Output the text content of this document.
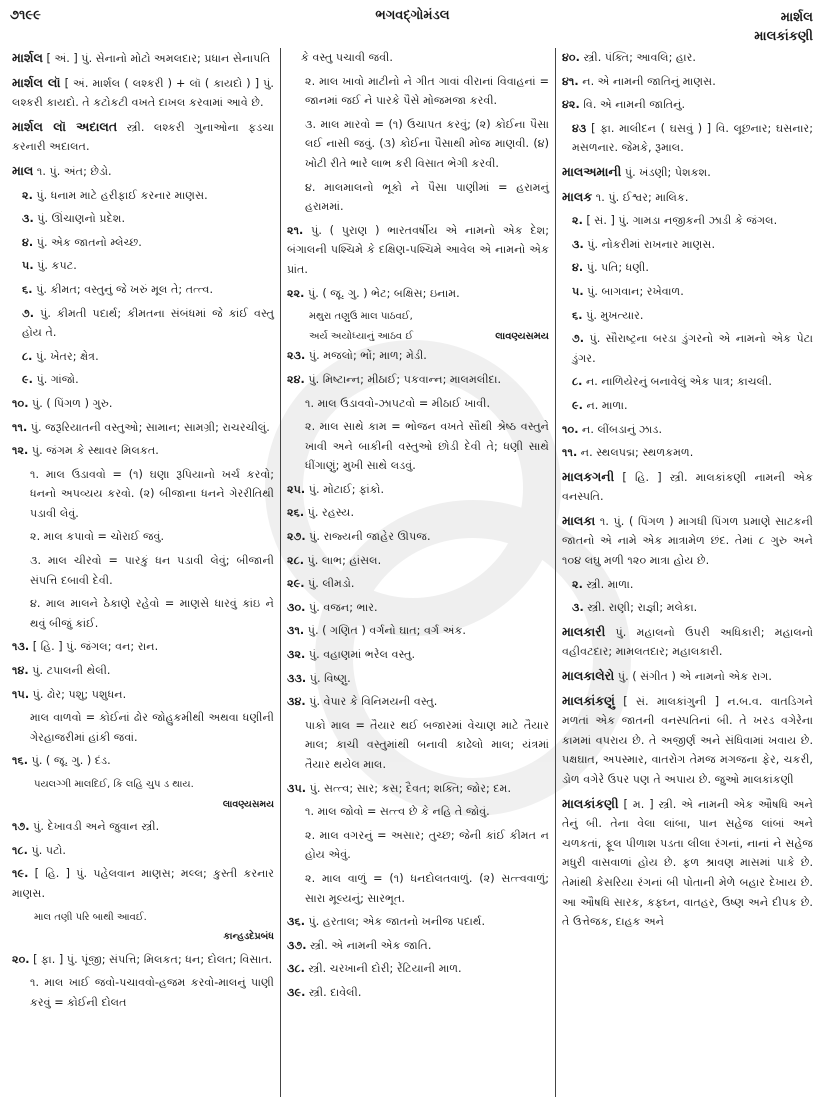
૭૧૯૯	ભગવદ્ગોમંડલ	માર્શલ
માલકાંકણી

માર્શલ [ અં. ] પું. સેનાનો મોટો અમલદાર; પ્રધાન સેનાપતિ

માર્શલ લૉ [ અં. માર્શલ ( લશ્કરી ) + લૉ ( કાયદો ) ] પું. લશ્કરી કાયદો. તે કટોકટી વખતે દાખલ કરવામાં આવે છે.

માર્શલ લૉ અદાલત સ્ત્રી. લશ્કરી ગુનાઓના ફડચા કરનારી અદાલત.

માલ ૧. પું. અંત; છેડો.

૨. પું. ધનામ માટે હરીફાઈ કરનાર માણસ.

૩. પું. ઊંચાણનો પ્રદેશ.

૪. પું. એક જાતનો મ્લેચ્છ.

૫. પું. કપટ.

૬. પું. કીમત; વસ્તુનું જે ખરું મૂલ તે; તત્ત્વ.

૭. પું. કીમતી પદાર્થ; કીમતના સંબંધમાં જે કાંઈ વસ્તુ હોય તે.

૮. પું. ખેતર; ક્ષેત્ર.

૯. પું. ગાંજો.

૧૦. પું. ( પિંગળ ) ગુરુ.

૧૧. પું. જરૂરિયાતની વસ્તુઓ; સામાન; સામગ્રી; રાચરચીલું.

૧૨. પું. જંગમ કે સ્થાવર મિલકત.

૧. માલ ઉડાવવો = (૧) ઘણા રૂપિયાનો ખર્ચ કરવો; ધનનો અપવ્યય કરવો. (૨) બીજાના ધનને ગેરરીતિથી પડાવી લેવું.

૨. માલ કપાવો = ચોરાઈ જવું.

૩. માલ ચીરવો = પારકું ધન પડાવી લેવું; બીજાની સંપત્તિ દબાવી દેવી.

૪. માલ માલને ઠેકાણે રહેવો = માણસે ધારવું કાંઇ ને થવું બીજું કાંઈ.

૧૩. [ હિ. ] પું. જંગલ; વન; રાન.

૧૪. પું. ટપાલની થેલી.

૧૫. પું. ઢોર; પશુ; પશુધન.

માલ વાળવો = કોઈનાં ઢોર જોહુકમીથી અથવા ધણીની ગેરહાજરીમાં હાંકી જવાં.

૧૬. પું. ( જૂ. ગુ. ) દંડ.

પયલગ્ગી માલદિઈ, કિ લહિ ચુપ ડ થાય.

લાવણ્યસમય

૧૭. પું. દેખાવડી અને જુવાન સ્ત્રી.

૧૮. પું. પટો.

૧૯. [ હિ. ] પું. પહેલવાન માણસ; મલ્લ; કુસ્તી કરનાર માણસ.

માલ તણી પરિ બાથી આવઈ.

કાન્હડદેપ્રબંધ

૨૦. [ ફા. ] પું. પૂંજી; સંપત્તિ; મિલકત; ધન; દોલત; વિસાત.

૧. માલ ખાઈ જવો-પચાવવો-હજમ કરવો-માલનું પાણી કરવું = કોઈની દોલત

કે વસ્તુ પચાવી જવી.

૨. માલ ખાવો માટીનો ને ગીત ગાવાં વીરાનાં વિવાહનાં = જાનમાં જઈ ને પારકે પૈસે મોજમજા કરવી.

૩. માલ મારવો = (૧) ઉચાપત કરવું; (૨) કોઈના પૈસા લઈ નાસી જવું. (૩) કોઈના પૈસાથી મોજ માણવી. (૪) ખોટી રીતે ભારે લાભ કરી વિસાત ભેગી કરવી.

૪. માલમાલનો ભૂકો ને પૈસા પાણીમાં = હરામનું હરામમાં.

૨૧. પું. ( પુરાણ ) ભારતવર્ષીય એ નામનો એક દેશ; બંગાલની પશ્ચિમે કે દક્ષિણ-પશ્ચિમે આવેલ એ નામનો એક પ્રાંત.

૨૨. પું. ( જૂ. ગુ. ) ભેટ; બક્ષિસ; ઇનામ.

મથુરા તણુઉ માલ પાઠવઈ,

અર્ય અયોધ્યાનું આઠવ ઈ	લાવણ્યસમય

૨૩. પું. મજલો; ભોં; માળ; મેડી.

૨૪. પું. મિષ્ટાન્ન; મીઠાઈ; પકવાન્ન; માલમલીદા.

૧. માલ ઉડાવવો-ઝાપટવો = મીઠાઈ ખાવી.

૨. માલ સાથે કામ = ભોજન વખતે સૌથી શ્રેષ્ઠ વસ્તુને ખાવી અને બાકીની વસ્તુઓ છોડી દેવી તે; ધણી સાથે ધીંગાણું; મુખી સાથે લડવું.

૨૫. પું. મોટાઈ; ફાંકો.

૨૬. પું. રહસ્ય.

૨૭. પું. રાજ્યની જાહેર ઊપજ.

૨૮. પું. લાભ; હાંસલ.

૨૯. પું. લીમડો.

૩૦. પું. વજન; ભાર.

૩૧. પું. ( ગણિત ) વર્ગનો ઘાત; વર્ગ અંક.

૩૨. પું. વહાણમાં ભરેલ વસ્તુ.

૩૩. પું. વિષ્ણુ.

૩૪. પું. વેપાર કે વિનિમયની વસ્તુ.

પાકો માલ = તૈયાર થઈ બજારમાં વેચાણ માટે તૈયાર માલ; કાચી વસ્તુમાંથી બનાવી કાઢેલો માલ; યંત્રમાં તૈયાર થયેલ માલ.

૩૫. પું. સત્ત્વ; સાર; કસ; દૈવત; શક્તિ; જોર; દમ.

૧. માલ જોવો = સત્ત્વ છે કે નહિ તે જોવું.

૨. માલ વગરનું = અસાર; તુચ્છ; જેની કાંઈ કીમત ન હોય એવું.

૨. માલ વાળું = (૧) ધનદોલતવાળું. (૨) સત્ત્વવાળું; સારા મૂલ્યનું; સારભૂત.

૩૬. પું. હરતાલ; એક જાતનો ખનીજ પદાર્થ.

૩૭. સ્ત્રી. એ નામની એક જાતિ.

૩૮. સ્ત્રી. ચરખાની દોરી; રેંટિયાની માળ.

૩૯. સ્ત્રી. દાવેલી.

૪૦. સ્ત્રી. પંક્તિ; આવલિ; હાર.

૪૧. ન. એ નામની જાતિનું માણસ.

૪૨. વિ. એ નામની જાતિનું.

૪૩ [ ફા. માલીદન ( ઘસવું ) ] વિ. લૂછનાર; ઘસનાર; મસળનાર. જેમકે, રૂમાલ.

માલઅમાની પું. ખંડણી; પેશકશ.

માલક ૧. પું. ઈશ્વર; માલિક.

૨. [ સં. ] પું. ગામડા નજીકની ઝાડી કે જંગલ.

૩. પું. નોકરીમાં રાખનાર માણસ.

૪. પું. પતિ; ધણી.

૫. પું. બાગવાન; રખેવાળ.

૬. પું. મુખત્યાર.

૭. પું. સૌરાષ્ટ્રના બરડા ડુંગરનો એ નામનો એક પેટા ડુંગર.

૮. ન. નાળિયેરનું બનાવેલું એક પાત્ર; કાચલી.

૯. ન. માળા.

૧૦. ન. લીંબડાનું ઝાડ.

૧૧. ન. સ્થલપદ્મ; સ્થળકમળ.

માલકગની [ હિ. ] સ્ત્રી. માલકાંકણી નામની એક વનસ્પતિ.

માલકા ૧. પું. ( પિંગળ ) માગધી પિંગળ પ્રમાણે સાટકની જાતનો એ નામે એક માત્રામેળ છંદ. તેમાં ૮ ગુરુ અને ૧૦૪ લઘુ મળી ૧૨૦ માત્રા હોય છે.

૨. સ્ત્રી. માળા.

૩. સ્ત્રી. રાણી; રાજ્ઞી; મલેકા.

માલકારી પું. મહાલનો ઉપરી અધિકારી; મહાલનો વહીવટદાર; મામલતદાર; મહાલકારી.

માલકાલેરો પું. ( સંગીત ) એ નામનો એક રાગ.

માલકાંકણું [ સં. માલકાંગુની ] ન.બ.વ. વાતડિગને મળતાં એક જાતની વનસ્પતિનાં બી. તે ખરડ વગેરેના કામમાં વપરાય છે. તે અજીર્ણ અને સંધિવામાં ખવાય છે. પક્ષઘાત, અપસ્માર, વાતરોગ તેમજ મગજના ફેર, ચકરી, ડોળ વગેરે ઉપર પણ તે અપાય છે. જુઓ માલકાંકણી

માલકાંકણી [ મ. ] સ્ત્રી. એ નામની એક ઔષધિ અને તેનું બી. તેના વેલા લાંબા, પાન સહેજ લાંબાં અને ચળકતાં, ફૂલ પીળાશ પડતા લીલા રંગનાં, નાનાં ને સહેજ મધુરી વાસવાળાં હોય છે. ફળ શ્રાવણ માસમાં પાકે છે. તેમાંથી કેસરિયા રંગનાં બી પોતાની મેળે બહાર દેખાય છે. આ ઔષધિ સારક, કફઘ્ન, વાતહર, ઉષ્ણ અને દીપક છે. તે ઉત્તેજક, દાહક અને
